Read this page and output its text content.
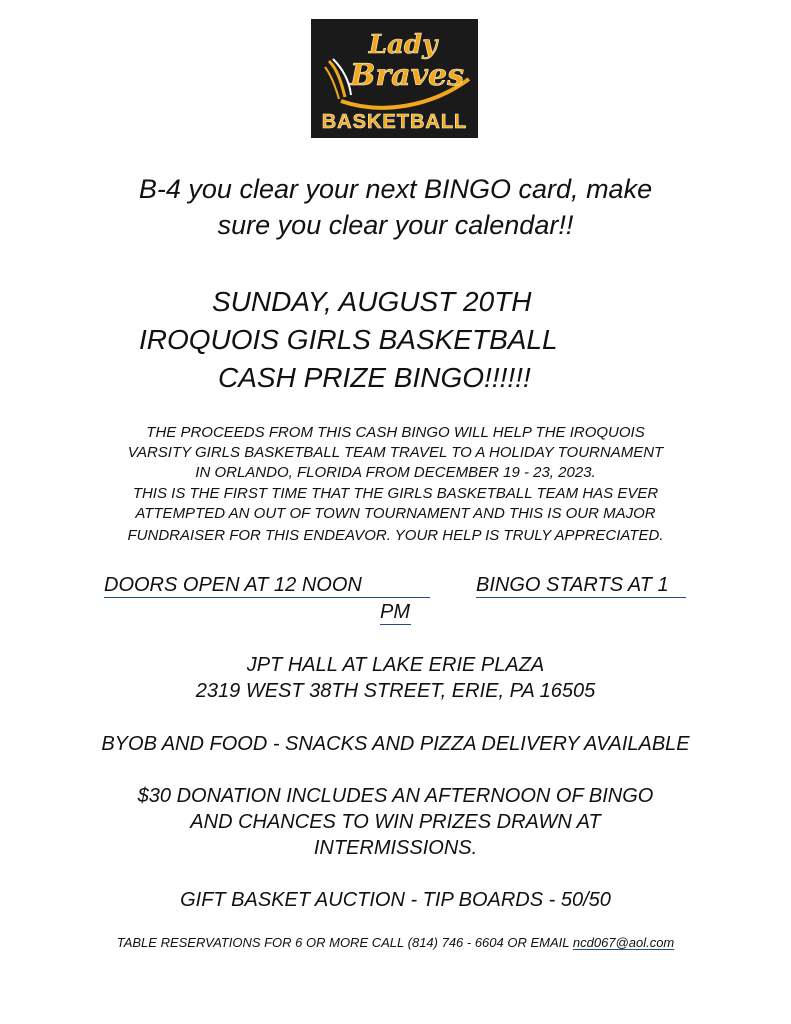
Lady
Braves
BASKETBALL
B-4 you clear your next BINGO card, make
sure you clear your calendar!!
SUNDAY, AUGUST 20TH
IROQUOIS GIRLS BASKETBALL
CASH PRIZE BINGO!!!!!!
THE PROCEEDS FROM THIS CASH BINGO WILL HELP THE IROQUOIS
VARSITY GIRLS BASKETBALL TEAM TRAVEL TO A HOLIDAY TOURNAMENT
IN ORLANDO, FLORIDA FROM DECEMBER 19 - 23, 2023.
THIS IS THE FIRST TIME THAT THE GIRLS BASKETBALL TEAM HAS EVER
ATTEMPTED AN OUT OF TOWN TOURNAMENT AND THIS IS OUR MAJOR
FUNDRAISER FOR THIS ENDEAVOR. YOUR HELP IS TRULY APPRECIATED.
DOORS OPEN AT 12 NOON	BINGO STARTS AT 1
PM
JPT HALL AT LAKE ERIE PLAZA
2319 WEST 38TH STREET, ERIE, PA 16505
BYOB AND FOOD - SNACKS AND PIZZA DELIVERY AVAILABLE
$30 DONATION INCLUDES AN AFTERNOON OF BINGO
AND CHANCES TO WIN PRIZES DRAWN AT
INTERMISSIONS.
GIFT BASKET AUCTION - TIP BOARDS - 50/50
TABLE RESERVATIONS FOR 6 OR MORE CALL (814) 746 - 6604 OR EMAIL ncd067@aol.com
